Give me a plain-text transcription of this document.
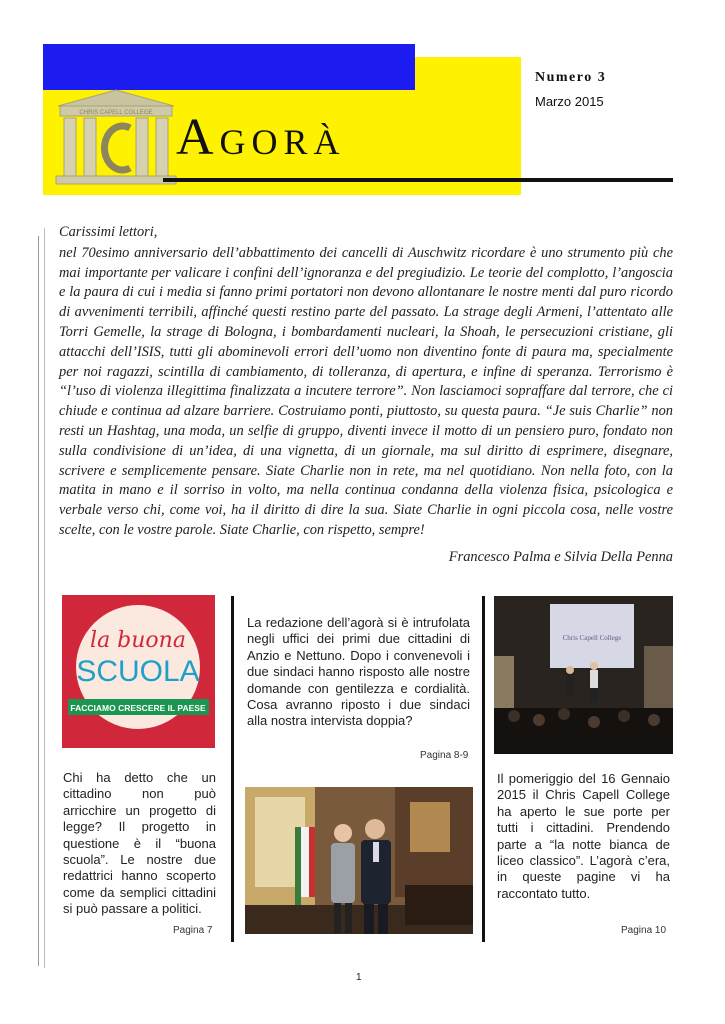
CHRIS CAPELL COLLEGE Agorà
Numero 3
Marzo 2015
Carissimi lettori,
nel 70esimo anniversario dell’abbattimento dei cancelli di Auschwitz ricordare è uno strumento più che mai importante per valicare i confini dell’ignoranza e del pregiudizio. Le teorie del complotto, l’angoscia e la paura di cui i media si fanno primi portatori non devono allontanare le nostre menti dal puro ricordo di avvenimenti terribili, affinché questi restino parte del passato. La strage degli Armeni, l’attentato alle Torri Gemelle, la strage di Bologna, i bombardamenti nucleari, la Shoah, le persecuzioni cristiane, gli attacchi dell’ISIS, tutti gli abominevoli errori dell’uomo non diventino fonte di paura ma, specialmente per noi ragazzi, scintilla di cambiamento, di tolleranza, di apertura, e infine di speranza. Terrorismo è “l’uso di violenza illegittima finalizzata a incutere terrore”. Non lasciamoci sopraffare dal terrore, che ci chiude e continua ad alzare barriere. Costruiamo ponti, piuttosto, su questa paura. “Je suis Charlie” non resti un Hashtag, una moda, un selfie di gruppo, diventi invece il motto di un pensiero puro, fondato non sulla condivisione di un’idea, di una vignetta, di un giornale, ma sul diritto di esprimere, disegnare, scrivere e semplicemente pensare. Siate Charlie non in rete, ma nel quotidiano. Non nella foto, con la matita in mano e il sorriso in volto, ma nella continua condanna della violenza fisica, psicologica e verbale verso chi, come voi, ha il diritto di dire la sua. Siate Charlie in ogni piccola cosa, nelle vostre scelte, con le vostre parole. Siate Charlie, con rispetto, sempre!
Francesco Palma e Silvia Della Penna
la buona
SCUOLA
FACCIAMO CRESCERE IL PAESE
Chi ha detto che un cittadino non può arricchire un progetto di legge? Il progetto in questione è il “buona scuola”. Le nostre due redattrici hanno scoperto come da semplici cittadini si può passare a politici.
Pagina 7
La redazione dell’agorà si è intrufolata negli uffici dei primi due cittadini di Anzio e Nettuno. Dopo i convenevoli i due sindaci hanno risposto alle nostre domande con gentilezza e cordialità. Cosa avranno riposto i due sindaci alla nostra intervista doppia?
Pagina 8-9
Chris Capell College
Il pomeriggio del 16 Gennaio 2015 il Chris Capell College ha aperto le sue porte per tutti i cittadini. Prendendo parte a “la notte bianca de liceo classico”. L’agorà c’era, in queste pagine vi ha raccontato tutto.
Pagina 10
1
